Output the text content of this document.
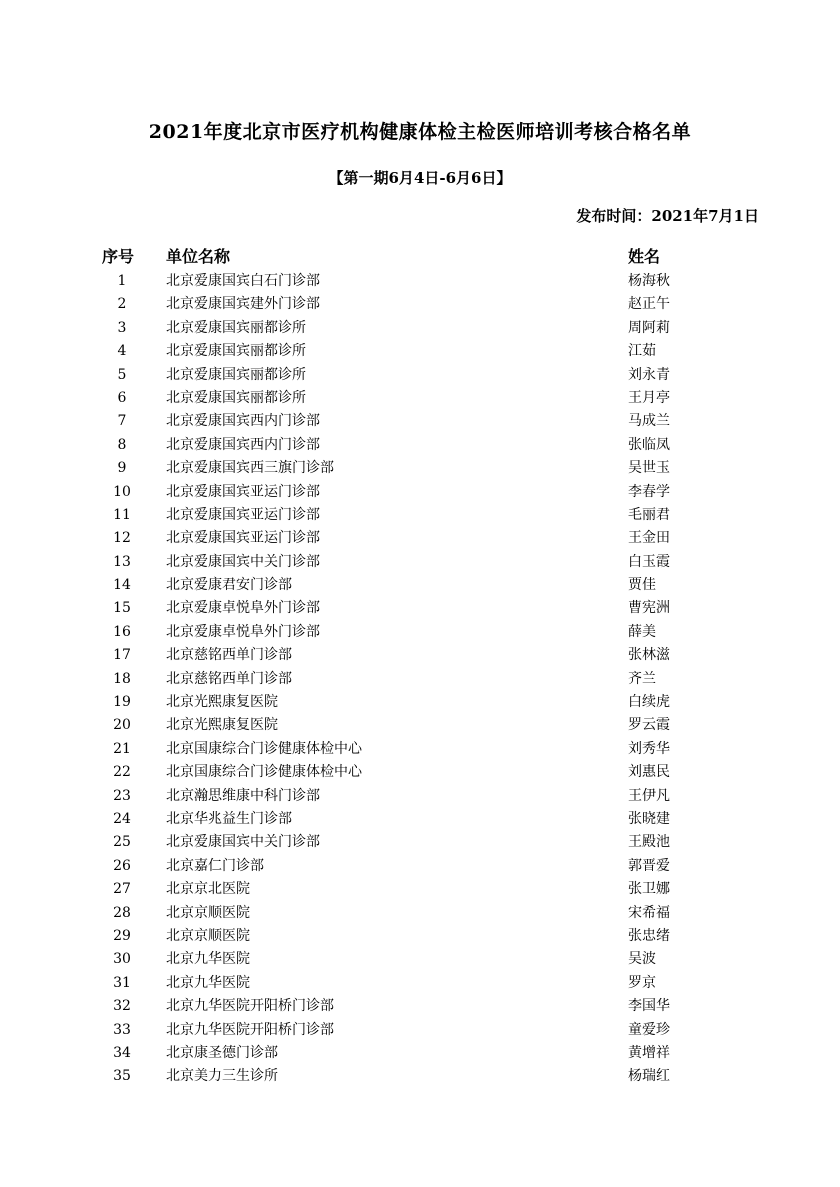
2021年度北京市医疗机构健康体检主检医师培训考核合格名单
【第一期6月4日-6月6日】
发布时间：2021年7月1日
序号 单位名称	姓名
1	北京爱康国宾白石门诊部	杨海秋
2	北京爱康国宾建外门诊部	赵正午
3	北京爱康国宾丽都诊所	周阿莉
4	北京爱康国宾丽都诊所	江茹
5	北京爱康国宾丽都诊所	刘永青
6	北京爱康国宾丽都诊所	王月亭
7	北京爱康国宾西内门诊部	马成兰
8	北京爱康国宾西内门诊部	张临凤
9	北京爱康国宾西三旗门诊部	吴世玉
10	北京爱康国宾亚运门诊部	李春学
11	北京爱康国宾亚运门诊部	毛丽君
12	北京爱康国宾亚运门诊部	王金田
13	北京爱康国宾中关门诊部	白玉霞
14	北京爱康君安门诊部	贾佳
15	北京爱康卓悦阜外门诊部	曹宪洲
16	北京爱康卓悦阜外门诊部	薛美
17	北京慈铭西单门诊部	张林滋
18	北京慈铭西单门诊部	齐兰
19	北京光熙康复医院	白续虎
20	北京光熙康复医院	罗云霞
21	北京国康综合门诊健康体检中心	刘秀华
22	北京国康综合门诊健康体检中心	刘惠民
23	北京瀚思维康中科门诊部	王伊凡
24	北京华兆益生门诊部	张晓建
25	北京爱康国宾中关门诊部	王殿池
26	北京嘉仁门诊部	郭晋爱
27	北京京北医院	张卫娜
28	北京京顺医院	宋希福
29	北京京顺医院	张忠绪
30	北京九华医院	吴波
31	北京九华医院	罗京
32	北京九华医院开阳桥门诊部	李国华
33	北京九华医院开阳桥门诊部	童爱珍
34	北京康圣德门诊部	黄增祥
35	北京美力三生诊所	杨瑞红
